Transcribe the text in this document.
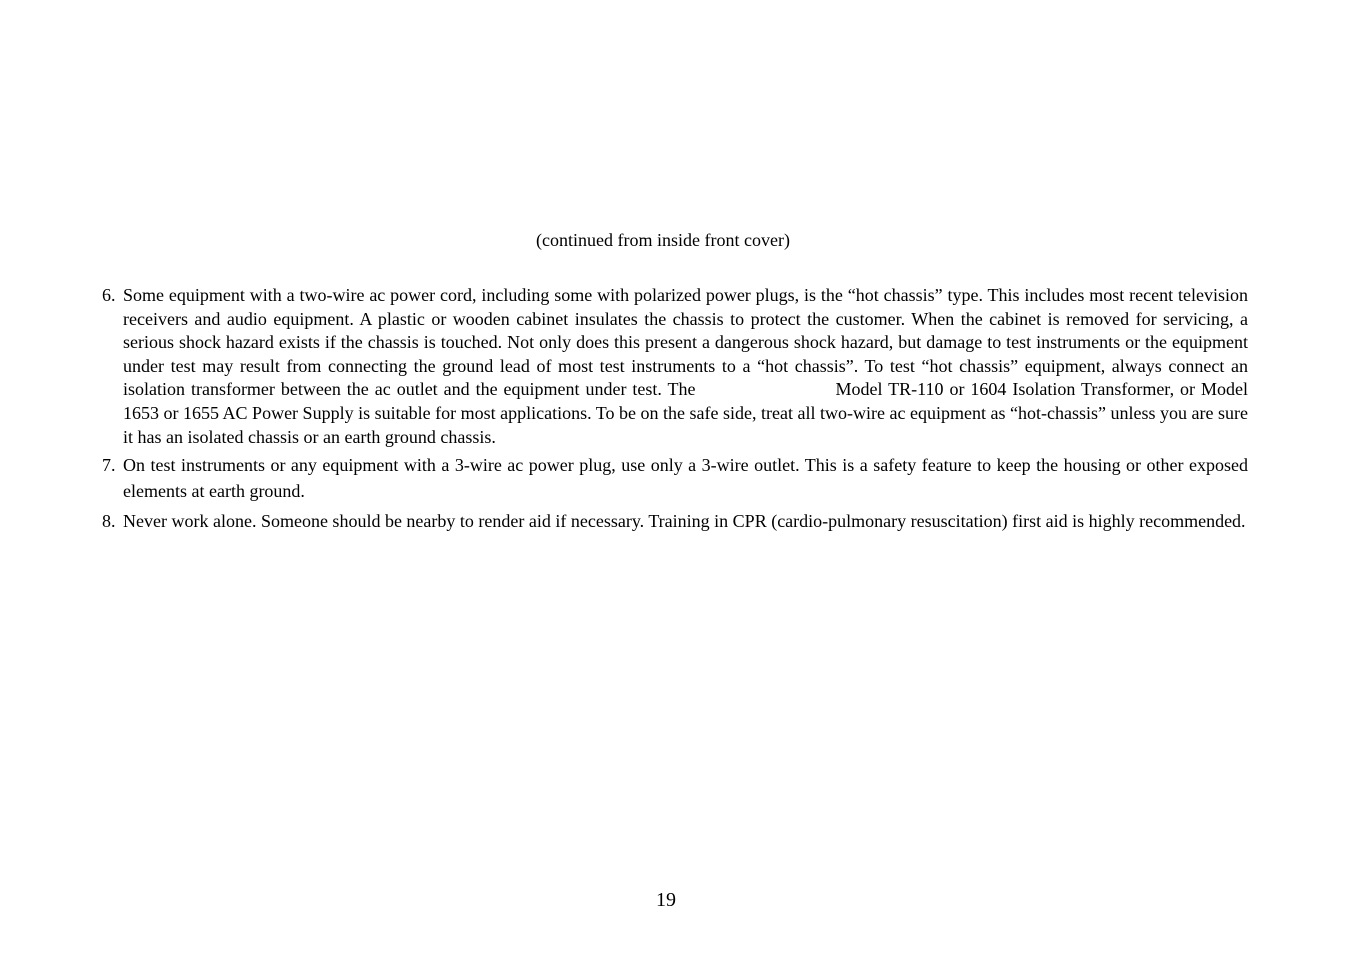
(continued from inside front cover)
6. Some equipment with a two-wire ac power cord, including some with polarized power plugs, is the “hot chassis” type. This includes most recent television receivers and audio equipment. A plastic or wooden cabinet insulates the chassis to protect the customer. When the cabinet is removed for servicing, a serious shock hazard exists if the chassis is touched. Not only does this present a dangerous shock hazard, but damage to test instruments or the equipment under test may result from connecting the ground lead of most test instruments to a “hot chassis”. To test “hot chassis” equipment, always connect an isolation transformer between the ac outlet and the equipment under test. The	Model TR-110 or 1604 Isolation Transformer, or Model 1653 or 1655 AC Power Supply is suitable for most applications. To be on the safe side, treat all two-wire ac equipment as “hot-chassis” unless you are sure it has an isolated chassis or an earth ground chassis.
7. On test instruments or any equipment with a 3-wire ac power plug, use only a 3-wire outlet. This is a safety feature to keep the housing or other exposed elements at earth ground.
8. Never work alone. Someone should be nearby to render aid if necessary. Training in CPR (cardio-pulmonary resuscitation) first aid is highly recommended.
19
